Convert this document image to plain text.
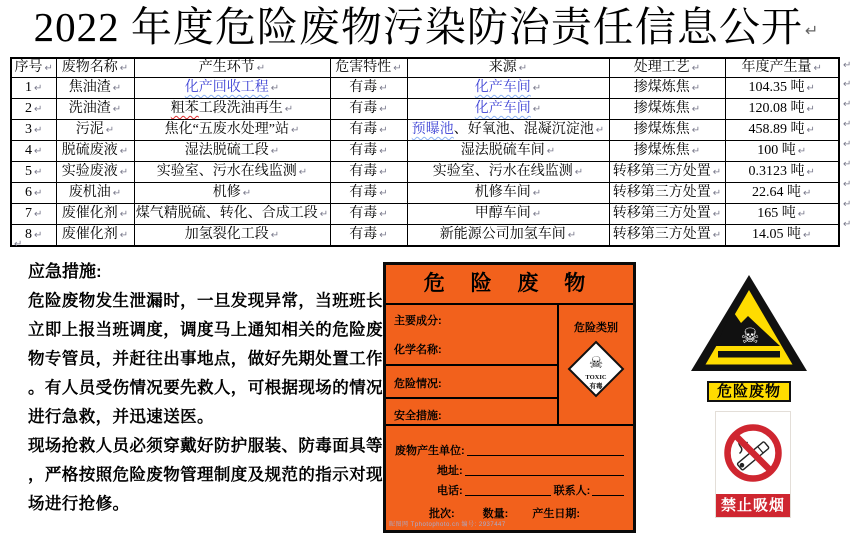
2022 年度危险废物污染防治责任信息公开 ↵
序号 ↵	废物名称 ↵	产生环节 ↵	危害特性 ↵	来源 ↵	处理工艺 ↵	年度产生量 ↵
1 ↵	焦油渣 ↵	化产回收工程 ↵	有毒 ↵	化产车间 ↵	掺煤炼焦 ↵	104.35 吨 ↵
2 ↵	洗油渣 ↵	粗苯工段洗油再生 ↵	有毒 ↵	化产车间 ↵	掺煤炼焦 ↵	120.08 吨 ↵
3 ↵	污泥 ↵	焦化“五废水处理”站 ↵	有毒 ↵	预曝池、好氧池、混凝沉淀池 ↵	掺煤炼焦 ↵	458.89 吨 ↵
4 ↵	脱硫废液 ↵	湿法脱硫工段 ↵	有毒 ↵	湿法脱硫车间 ↵	掺煤炼焦 ↵	100 吨 ↵
5 ↵	实验废液 ↵	实验室、污水在线监测 ↵	有毒 ↵	实验室、污水在线监测 ↵	转移第三方处置 ↵	0.3123 吨 ↵
6 ↵	废机油 ↵	机修 ↵	有毒 ↵	机修车间 ↵	转移第三方处置 ↵	22.64 吨 ↵
7 ↵	废催化剂 ↵	煤气精脱硫、转化、合成工段 ↵	有毒 ↵	甲醇车间 ↵	转移第三方处置 ↵	165 吨 ↵
8 ↵	废催化剂 ↵	加氢裂化工段 ↵	有毒 ↵	新能源公司加氢车间 ↵	转移第三方处置 ↵	14.05 吨 ↵
↵
↵
↵
↵
↵
↵
↵
↵
↵
↵
应急措施:
危险废物发生泄漏时，一旦发现异常，当班班长
立即上报当班调度，调度马上通知相关的危险废
物专管员，并赶往出事地点，做好先期处置工作
。有人员受伤情况要先救人，可根据现场的情况
进行急救，并迅速送医。
现场抢救人员必须穿戴好防护服装、防毒面具等
，严格按照危险废物管理制度及规范的指示对现
场进行抢修。
危 险 废 物
主要成分:
化学名称:
危险情况:
安全措施:
危险类别
☠
TOXIC
有毒
废物产生单位:
地址:
电话:	联系人:
批次:	数量: 产生日期:
昵图网 Tphotophoto.cn 编号: 2937447
☠
危险废物
禁止吸烟
